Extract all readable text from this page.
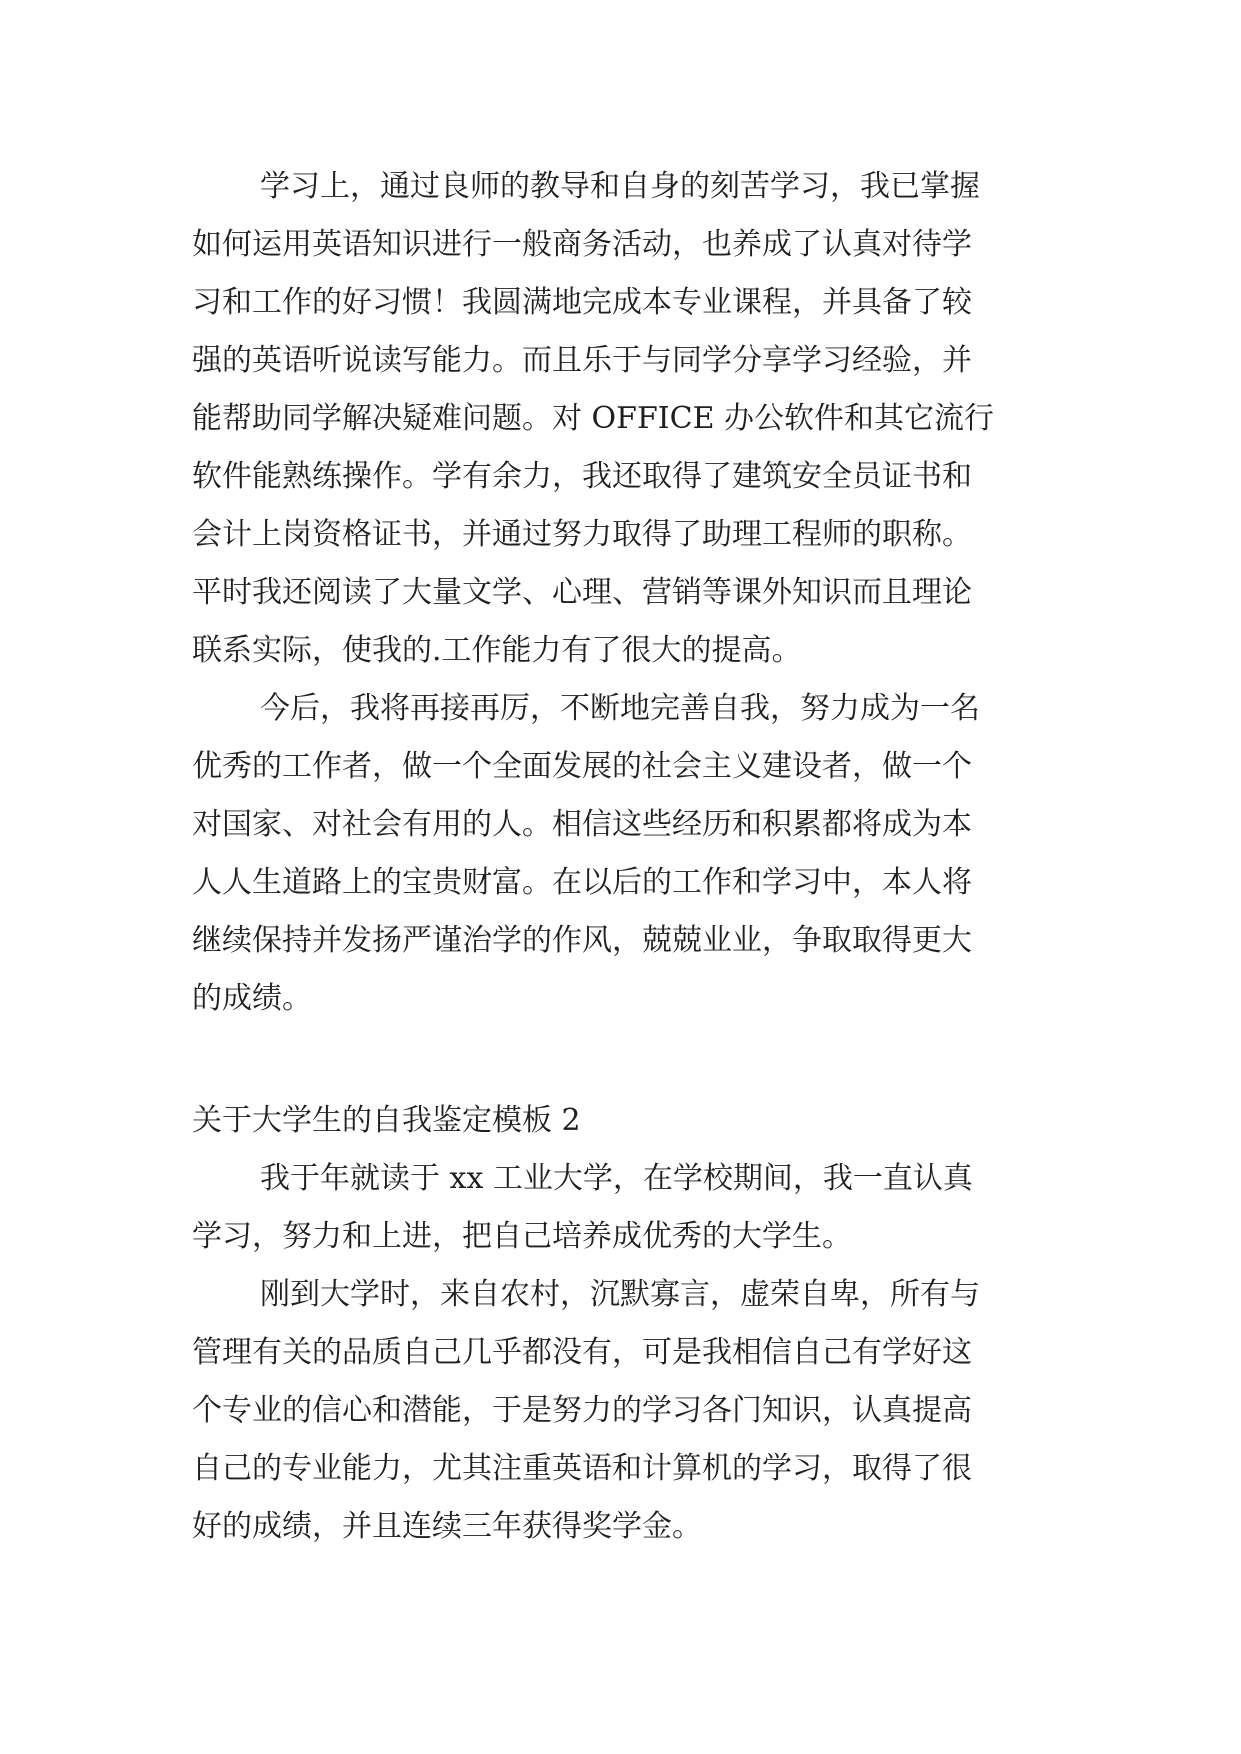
学习上，通过良师的教导和自身的刻苦学习，我已掌握
如何运用英语知识进行一般商务活动，也养成了认真对待学
习和工作的好习惯！我圆满地完成本专业课程，并具备了较
强的英语听说读写能力。而且乐于与同学分享学习经验，并
能帮助同学解决疑难问题。对 OFFICE 办公软件和其它流行
软件能熟练操作。学有余力，我还取得了建筑安全员证书和
会计上岗资格证书，并通过努力取得了助理工程师的职称。
平时我还阅读了大量文学、心理、营销等课外知识而且理论
联系实际，使我的.工作能力有了很大的提高。
今后，我将再接再厉，不断地完善自我，努力成为一名
优秀的工作者，做一个全面发展的社会主义建设者，做一个
对国家、对社会有用的人。相信这些经历和积累都将成为本
人人生道路上的宝贵财富。在以后的工作和学习中，本人将
继续保持并发扬严谨治学的作风，兢兢业业，争取取得更大
的成绩。
关于大学生的自我鉴定模板 2
我于年就读于 xx 工业大学，在学校期间，我一直认真
学习，努力和上进，把自己培养成优秀的大学生。
刚到大学时，来自农村，沉默寡言，虚荣自卑，所有与
管理有关的品质自己几乎都没有，可是我相信自己有学好这
个专业的信心和潜能，于是努力的学习各门知识，认真提高
自己的专业能力，尤其注重英语和计算机的学习，取得了很
好的成绩，并且连续三年获得奖学金。
